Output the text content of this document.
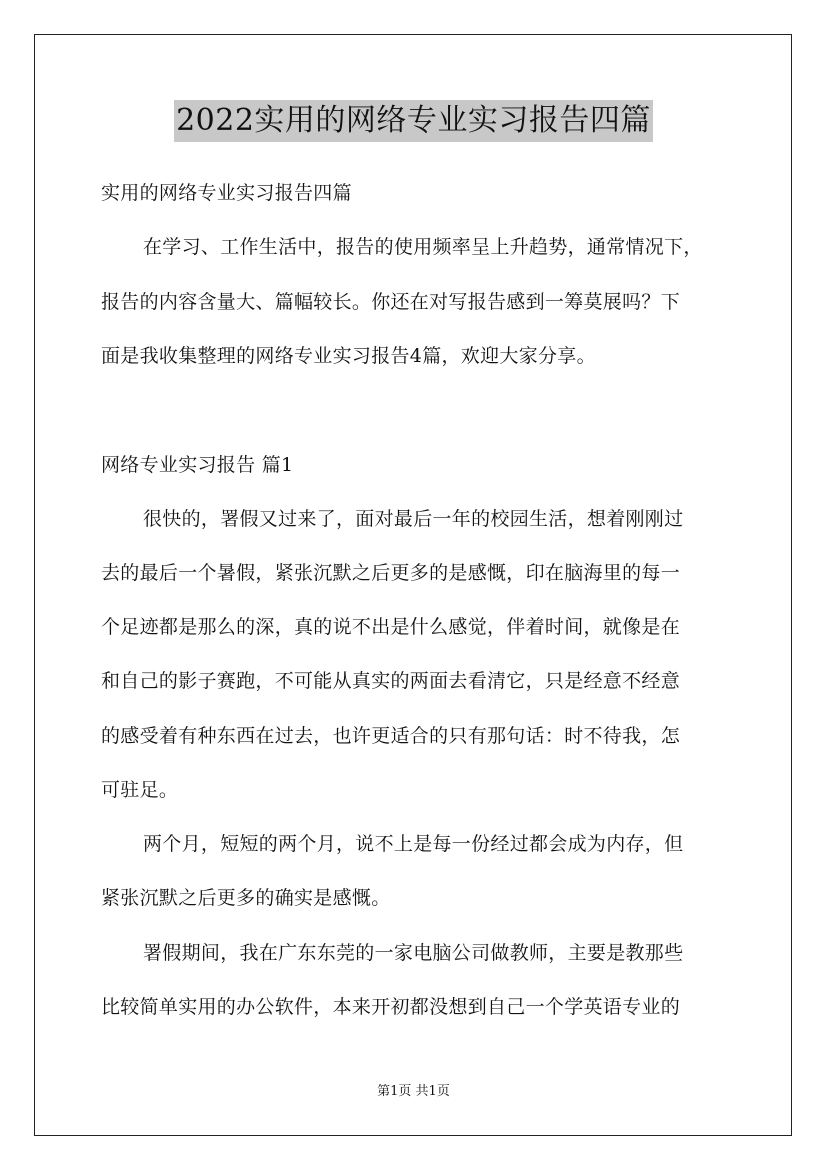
2022实用的网络专业实习报告四篇
实用的网络专业实习报告四篇
在学习、工作生活中，报告的使用频率呈上升趋势，通常情况下，
报告的内容含量大、篇幅较长。你还在对写报告感到一筹莫展吗？下
面是我收集整理的网络专业实习报告4篇，欢迎大家分享。
网络专业实习报告 篇1
很快的，署假又过来了，面对最后一年的校园生活，想着刚刚过
去的最后一个暑假，紧张沉默之后更多的是感慨，印在脑海里的每一
个足迹都是那么的深，真的说不出是什么感觉，伴着时间，就像是在
和自己的影子赛跑，不可能从真实的两面去看清它，只是经意不经意
的感受着有种东西在过去，也许更适合的只有那句话：时不待我，怎
可驻足。
两个月，短短的两个月，说不上是每一份经过都会成为内存，但
紧张沉默之后更多的确实是感慨。
署假期间，我在广东东莞的一家电脑公司做教师，主要是教那些
比较简单实用的办公软件，本来开初都没想到自己一个学英语专业的
第1页 共1页
